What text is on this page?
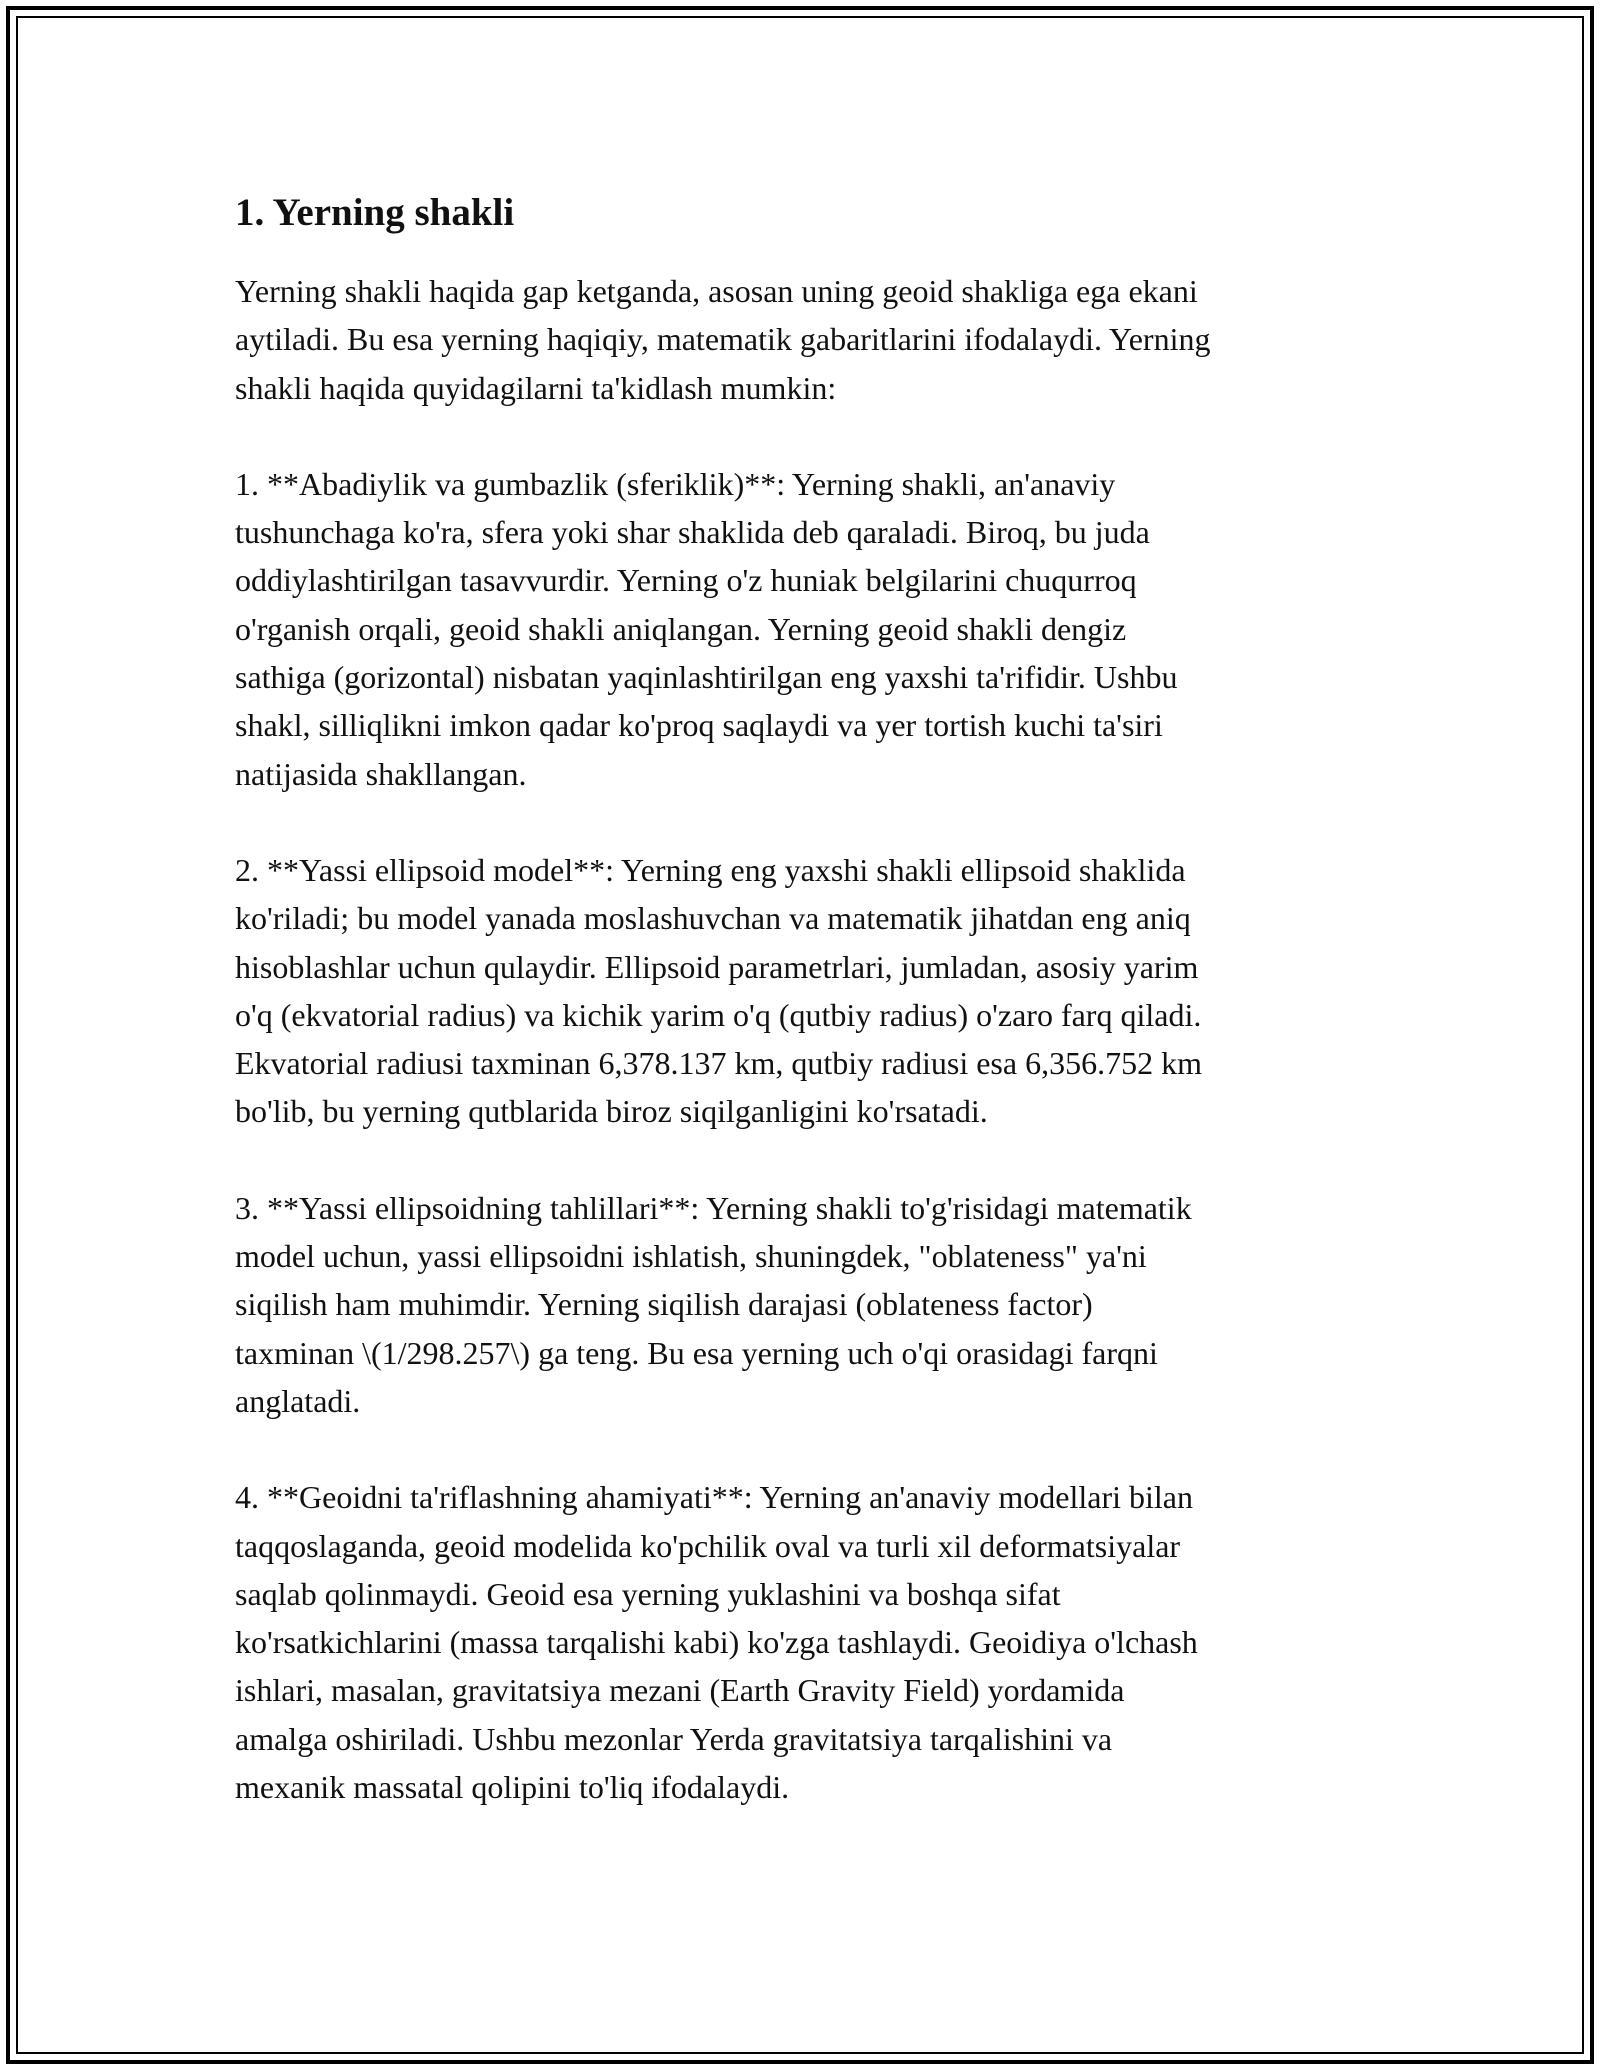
1. Yerning shakli

Yerning shakli haqida gap ketganda, asosan uning geoid shakliga ega ekani
aytiladi. Bu esa yerning haqiqiy, matematik gabaritlarini ifodalaydi. Yerning
shakli haqida quyidagilarni ta'kidlash mumkin:

1. **Abadiylik va gumbazlik (sferiklik)**: Yerning shakli, an'anaviy
tushunchaga ko'ra, sfera yoki shar shaklida deb qaraladi. Biroq, bu juda
oddiylashtirilgan tasavvurdir. Yerning o'z huniak belgilarini chuqurroq
o'rganish orqali, geoid shakli aniqlangan. Yerning geoid shakli dengiz
sathiga (gorizontal) nisbatan yaqinlashtirilgan eng yaxshi ta'rifidir. Ushbu
shakl, silliqlikni imkon qadar ko'proq saqlaydi va yer tortish kuchi ta'siri
natijasida shakllangan.

2. **Yassi ellipsoid model**: Yerning eng yaxshi shakli ellipsoid shaklida
ko'riladi; bu model yanada moslashuvchan va matematik jihatdan eng aniq
hisoblashlar uchun qulaydir. Ellipsoid parametrlari, jumladan, asosiy yarim
o'q (ekvatorial radius) va kichik yarim o'q (qutbiy radius) o'zaro farq qiladi.
Ekvatorial radiusi taxminan 6,378.137 km, qutbiy radiusi esa 6,356.752 km
bo'lib, bu yerning qutblarida biroz siqilganligini ko'rsatadi.

3. **Yassi ellipsoidning tahlillari**: Yerning shakli to'g'risidagi matematik
model uchun, yassi ellipsoidni ishlatish, shuningdek, "oblateness" ya'ni
siqilish ham muhimdir. Yerning siqilish darajasi (oblateness factor)
taxminan \(1/298.257\) ga teng. Bu esa yerning uch o'qi orasidagi farqni
anglatadi.

4. **Geoidni ta'riflashning ahamiyati**: Yerning an'anaviy modellari bilan
taqqoslaganda, geoid modelida ko'pchilik oval va turli xil deformatsiyalar
saqlab qolinmaydi. Geoid esa yerning yuklashini va boshqa sifat
ko'rsatkichlarini (massa tarqalishi kabi) ko'zga tashlaydi. Geoidiya o'lchash
ishlari, masalan, gravitatsiya mezani (Earth Gravity Field) yordamida
amalga oshiriladi. Ushbu mezonlar Yerda gravitatsiya tarqalishini va
mexanik massatal qolipini to'liq ifodalaydi.
